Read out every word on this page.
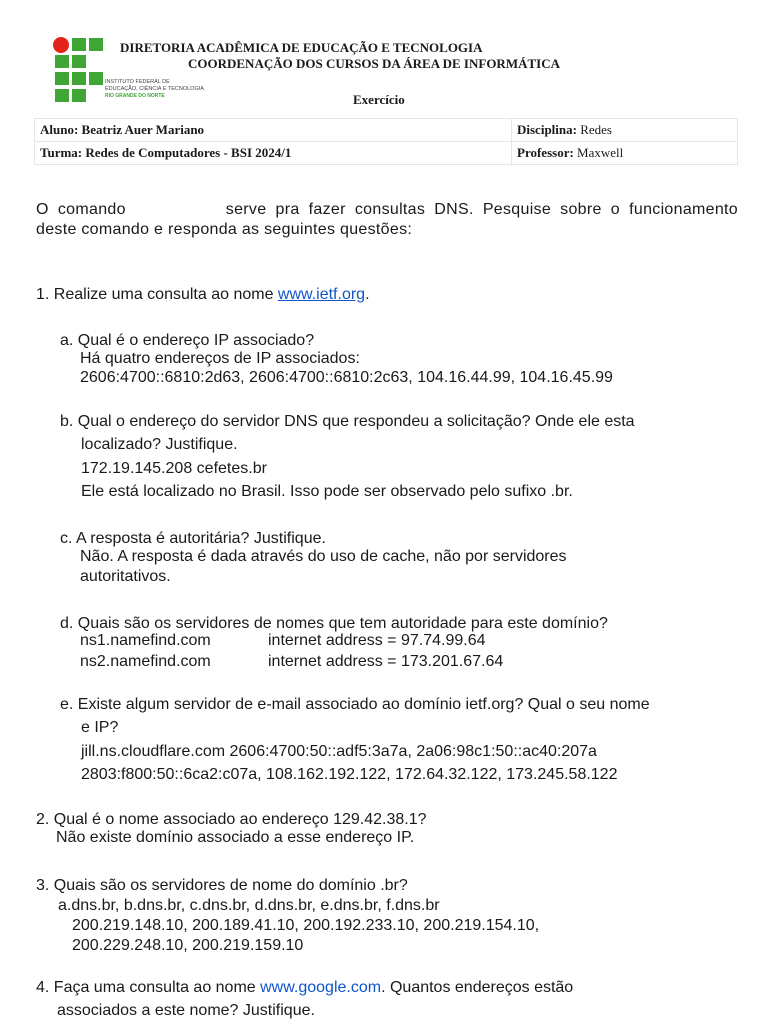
INSTITUTO FEDERAL DE
EDUCAÇÃO, CIÊNCIA E TECNOLOGIA
RIO GRANDE DO NORTE
DIRETORIA ACADÊMICA DE EDUCAÇÃO E TECNOLOGIA
COORDENAÇÃO DOS CURSOS DA ÁREA DE INFORMÁTICA
Exercício
Aluno: Beatriz Auer Mariano	Disciplina: Redes
Turma: Redes de Computadores - BSI 2024/1	Professor: Maxwell
O comando	serve pra fazer consultas DNS. Pesquise sobre o funcionamento deste comando e responda as seguintes questões:
1. Realize uma consulta ao nome www.ietf.org.
a. Qual é o endereço IP associado?
Há quatro endereços de IP associados:
2606:4700::6810:2d63, 2606:4700::6810:2c63, 104.16.44.99, 104.16.45.99
b. Qual o endereço do servidor DNS que respondeu a solicitação? Onde ele esta
localizado? Justifique.
172.19.145.208 cefetes.br
Ele está localizado no Brasil. Isso pode ser observado pelo sufixo .br.
c. A resposta é autoritária? Justifique.
Não. A resposta é dada através do uso de cache, não por servidores
autoritativos.
d. Quais são os servidores de nomes que tem autoridade para este domínio?
ns1.namefind.com	internet address = 97.74.99.64
ns2.namefind.com	internet address = 173.201.67.64
e. Existe algum servidor de e-mail associado ao domínio ietf.org? Qual o seu nome
e IP?
jill.ns.cloudflare.com 2606:4700:50::adf5:3a7a, 2a06:98c1:50::ac40:207a
2803:f800:50::6ca2:c07a, 108.162.192.122, 172.64.32.122, 173.245.58.122
2. Qual é o nome associado ao endereço 129.42.38.1?
Não existe domínio associado a esse endereço IP.
3. Quais são os servidores de nome do domínio .br?
a.dns.br, b.dns.br, c.dns.br, d.dns.br, e.dns.br, f.dns.br
200.219.148.10, 200.189.41.10, 200.192.233.10, 200.219.154.10,
200.229.248.10, 200.219.159.10
4. Faça uma consulta ao nome www.google.com. Quantos endereços estão
associados a este nome? Justifique.
